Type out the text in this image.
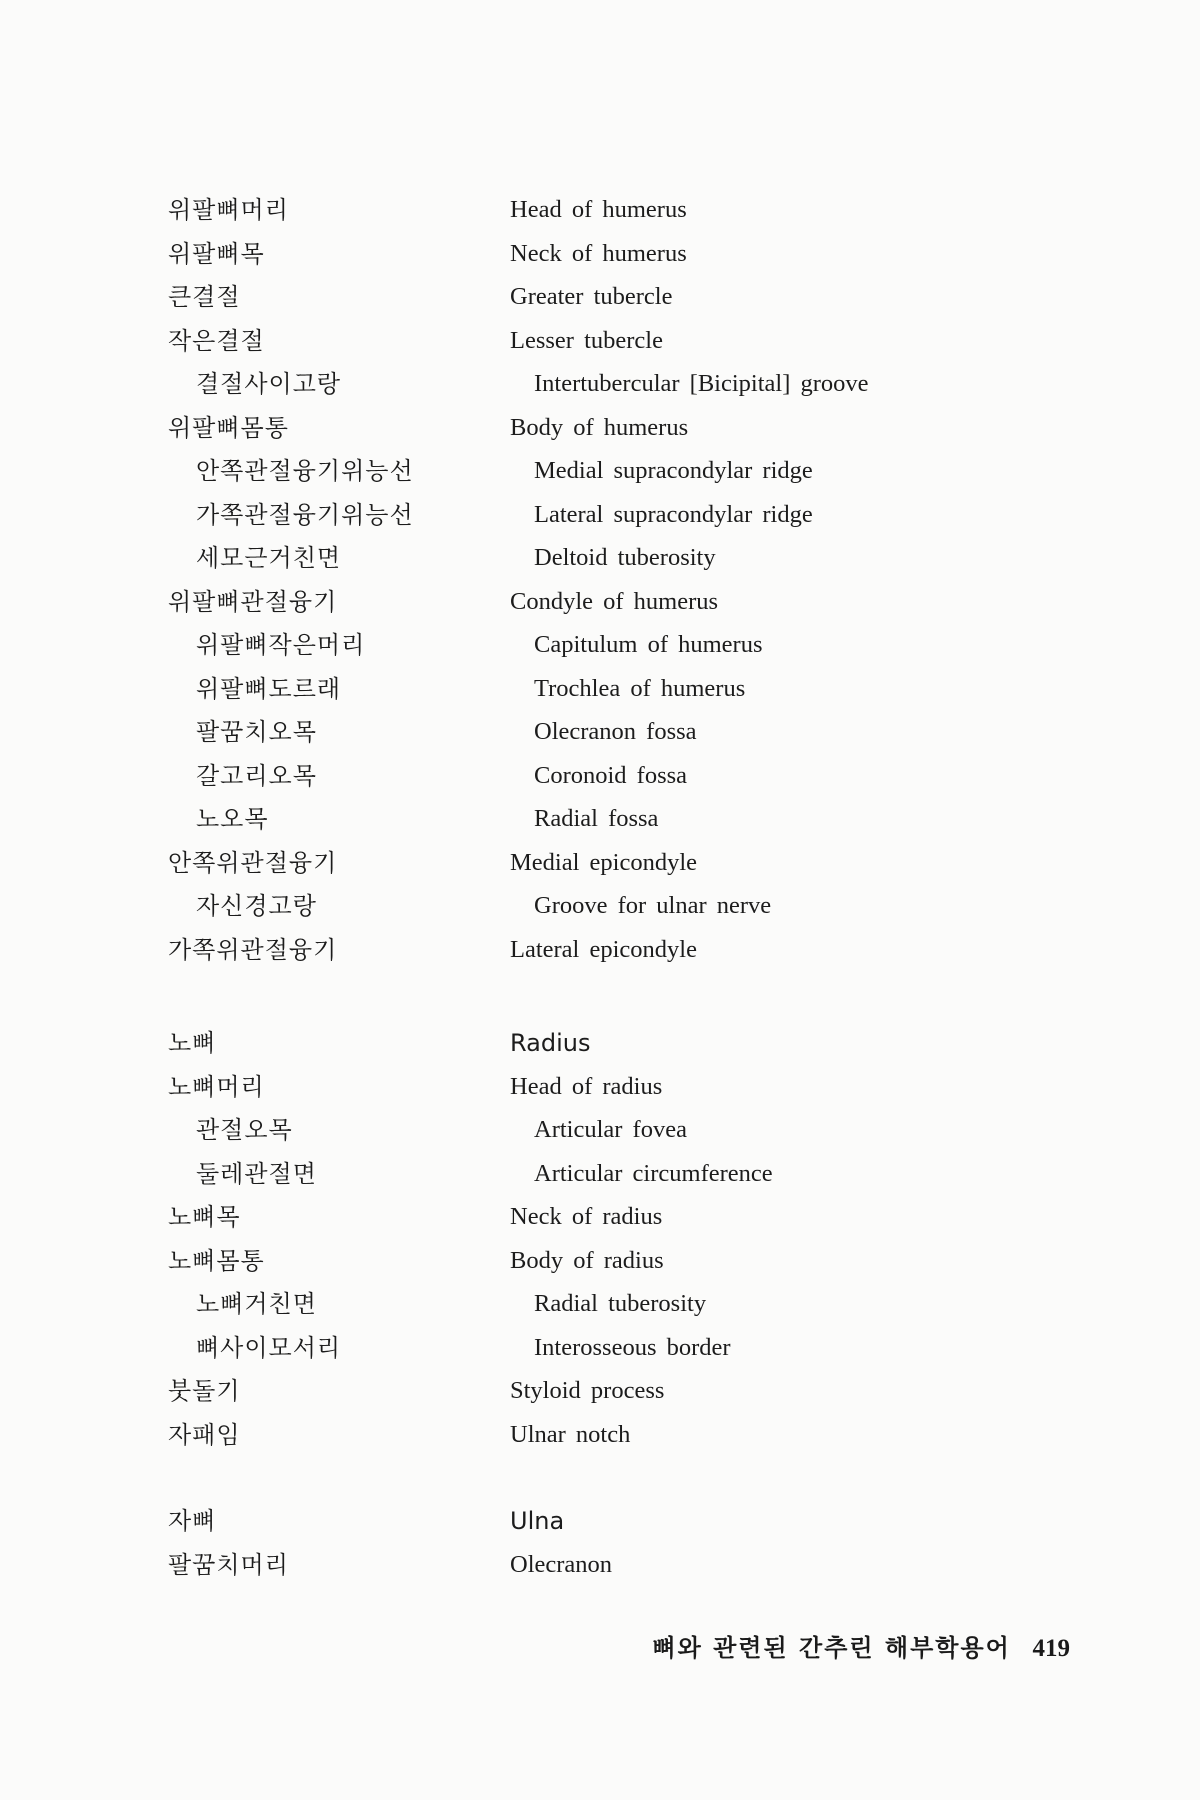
위팔뼈머리	Head of humerus
위팔뼈목	Neck of humerus
큰결절	Greater tubercle
작은결절	Lesser tubercle
결절사이고랑	Intertubercular [Bicipital] groove
위팔뼈몸통	Body of humerus
안쪽관절융기위능선	Medial supracondylar ridge
가쪽관절융기위능선	Lateral supracondylar ridge
세모근거친면	Deltoid tuberosity
위팔뼈관절융기	Condyle of humerus
위팔뼈작은머리	Capitulum of humerus
위팔뼈도르래	Trochlea of humerus
팔꿈치오목	Olecranon fossa
갈고리오목	Coronoid fossa
노오목	Radial fossa
안쪽위관절융기	Medial epicondyle
자신경고랑	Groove for ulnar nerve
가쪽위관절융기	Lateral epicondyle
노뼈	Radius
노뼈머리	Head of radius
관절오목	Articular fovea
둘레관절면	Articular circumference
노뼈목	Neck of radius
노뼈몸통	Body of radius
노뼈거친면	Radial tuberosity
뼈사이모서리	Interosseous border
붓돌기	Styloid process
자패임	Ulnar notch
자뼈	Ulna
팔꿈치머리	Olecranon
뼈와 관련된 간추린 해부학용어 419
